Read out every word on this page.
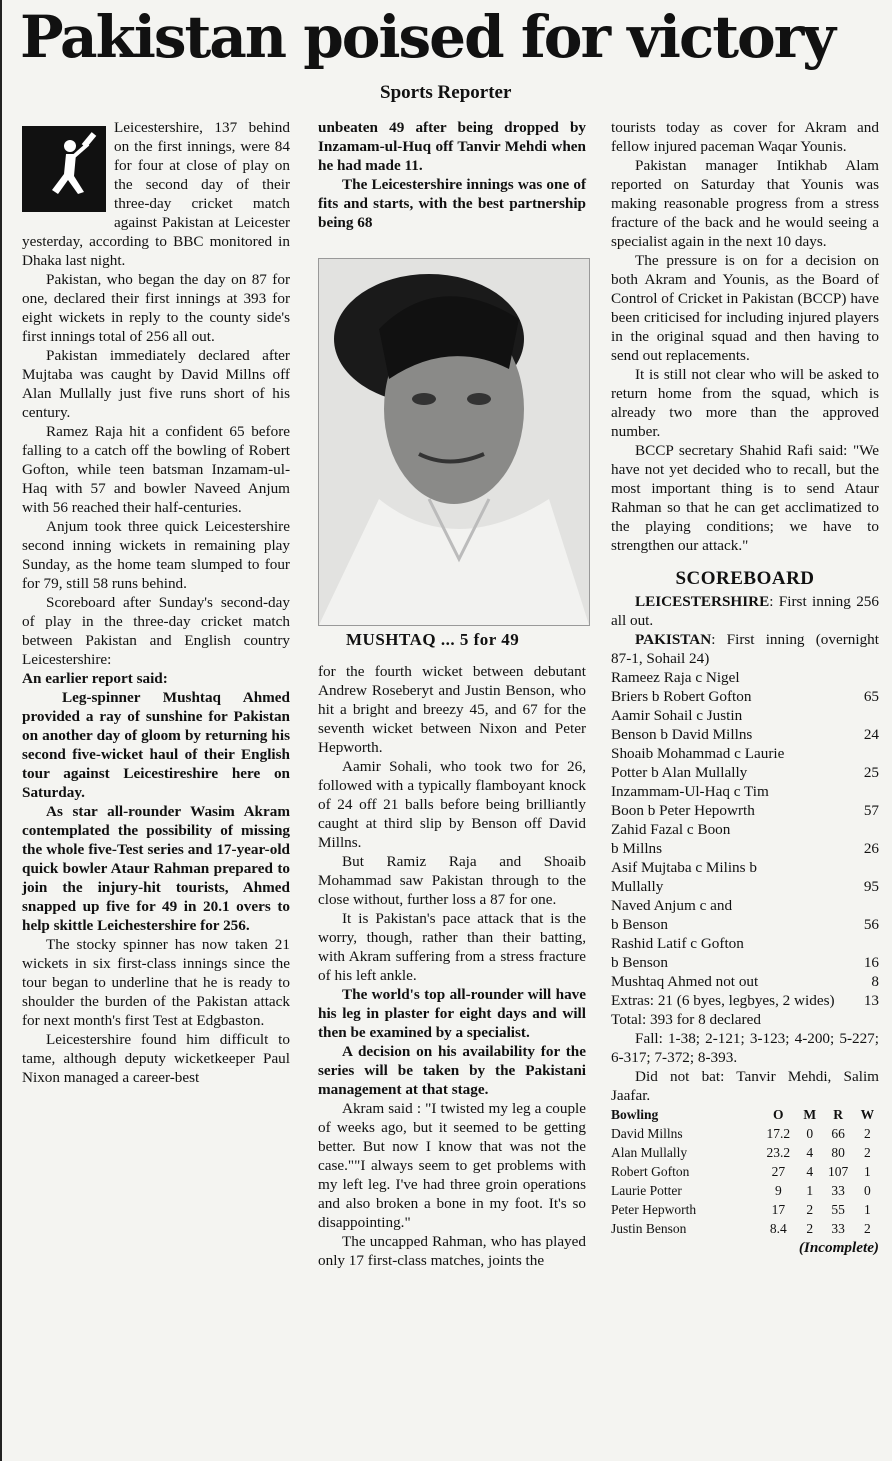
Pakistan poised for victory
Sports Reporter

Leicestershire, 137 behind on the first innings, were 84 for four at close of play on the second day of their three-day cricket match against Pakistan at Leicester yesterday, according to BBC monitored in Dhaka last night.

Pakistan, who began the day on 87 for one, declared their first innings at 393 for eight wickets in reply to the county side's first innings total of 256 all out.

Pakistan immediately declared after Mujtaba was caught by David Millns off Alan Mullally just five runs short of his century.

Ramez Raja hit a confident 65 before falling to a catch off the bowling of Robert Gofton, while teen batsman Inzamam-ul-Haq with 57 and bowler Naveed Anjum with 56 reached their half-centuries.

Anjum took three quick Leicestershire second inning wickets in remaining play Sunday, as the home team slumped to four for 79, still 58 runs behind.

Scoreboard after Sunday's second-day of play in the three-day cricket match between Pakistan and English country Leicestershire:

An earlier report said:

Leg-spinner Mushtaq Ahmed provided a ray of sunshine for Pakistan on another day of gloom by returning his second five-wicket haul of their English tour against Leicestireshire here on Saturday.

As star all-rounder Wasim Akram contemplated the possibility of missing the whole five-Test series and 17-year-old quick bowler Ataur Rahman prepared to join the injury-hit tourists, Ahmed snapped up five for 49 in 20.1 overs to help skittle Leichestershire for 256.

The stocky spinner has now taken 21 wickets in six first-class innings since the tour began to underline that he is ready to shoulder the burden of the Pakistan attack for next month's first Test at Edgbaston.

Leicestershire found him difficult to tame, although deputy wicketkeeper Paul Nixon managed a career-best

unbeaten 49 after being dropped by Inzamam-ul-Huq off Tanvir Mehdi when he had made 11.

The Leicestershire innings was one of fits and starts, with the best partnership being 68

MUSHTAQ ... 5 for 49

for the fourth wicket between debutant Andrew Roseberyt and Justin Benson, who hit a bright and breezy 45, and 67 for the seventh wicket between Nixon and Peter Hepworth.

Aamir Sohali, who took two for 26, followed with a typically flamboyant knock of 24 off 21 balls before being brilliantly caught at third slip by Benson off David Millns.

But Ramiz Raja and Shoaib Mohammad saw Pakistan through to the close without, further loss a 87 for one.

It is Pakistan's pace attack that is the worry, though, rather than their batting, with Akram suffering from a stress fracture of his left ankle.

The world's top all-rounder will have his leg in plaster for eight days and will then be examined by a specialist.

A decision on his availability for the series will be taken by the Pakistani management at that stage.

Akram said : "I twisted my leg a couple of weeks ago, but it seemed to be getting better. But now I know that was not the case.""I always seem to get problems with my left leg. I've had three groin operations and also broken a bone in my foot. It's so disappointing."

The uncapped Rahman, who has played only 17 first-class matches, joints the

tourists today as cover for Akram and fellow injured paceman Waqar Younis.

Pakistan manager Intikhab Alam reported on Saturday that Younis was making reasonable progress from a stress fracture of the back and he would seeing a specialist again in the next 10 days.

The pressure is on for a decision on both Akram and Younis, as the Board of Control of Cricket in Pakistan (BCCP) have been criticised for including injured players in the original squad and then having to send out replacements.

It is still not clear who will be asked to return home from the squad, which is already two more than the approved number.

BCCP secretary Shahid Rafi said: "We have not yet decided who to recall, but the most important thing is to send Ataur Rahman so that he can get acclimatized to the playing conditions; we have to strengthen our attack."

SCOREBOARD

LEICESTERSHIRE: First inning 256 all out.

PAKISTAN: First inning (overnight 87-1, Sohail 24)

Rameez Raja c Nigel
Briers b Robert Gofton	65
Aamir Sohail c Justin
Benson b David Millns	24
Shoaib Mohammad c Laurie
Potter b Alan Mullally	25
Inzammam-Ul-Haq c Tim
Boon b Peter Hepowrth	57
Zahid Fazal c Boon
b Millns	26
Asif Mujtaba c Milins b
Mullally	95
Naved Anjum c and
b Benson	56
Rashid Latif c Gofton
b Benson	16
Mushtaq Ahmed not out	8
Extras: 21 (6 byes, legbyes, 2 wides) 13
Total: 393 for 8 declared

Fall: 1-38; 2-121; 3-123; 4-200; 5-227; 6-317; 7-372; 8-393.

Did not bat: Tanvir Mehdi, Salim Jaafar.

Bowling	O	M	R	W
David Millns	17.2	0	66	2
Alan Mullally	23.2	4	80	2
Robert Gofton	27	4	107	1
Laurie Potter	9	1	33	0
Peter Hepworth	17	2	55	1
Justin Benson	8.4	2	33	2
(Incomplete)
